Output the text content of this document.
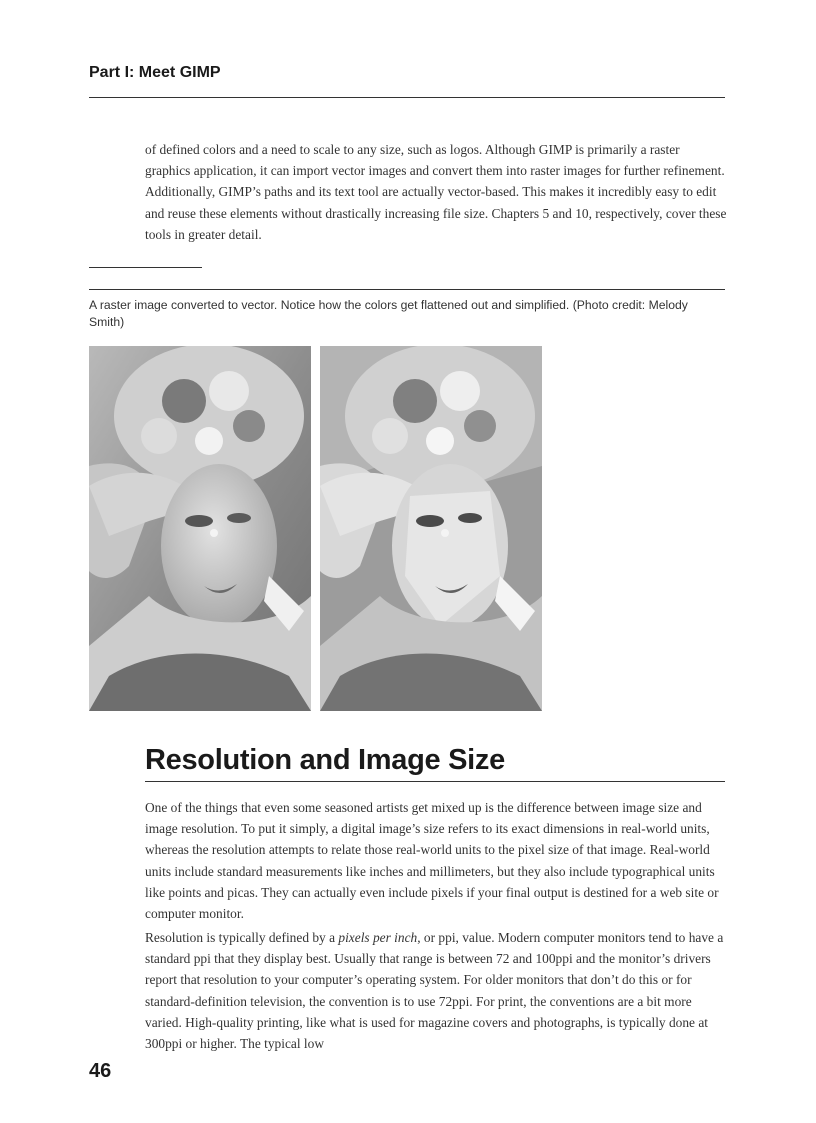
Part I: Meet GIMP

of defined colors and a need to scale to any size, such as logos. Although GIMP is primarily a raster graphics application, it can import vector images and convert them into raster images for further refinement. Additionally, GIMP’s paths and its text tool are actually vector-based. This makes it incredibly easy to edit and reuse these elements without drastically increasing file size. Chapters 5 and 10, respectively, cover these tools in greater detail.

A raster image converted to vector. Notice how the colors get flattened out and simplified. (Photo credit: Melody Smith)
Resolution and Image Size

One of the things that even some seasoned artists get mixed up is the difference between image size and image resolution. To put it simply, a digital image’s size refers to its exact dimensions in real-world units, whereas the resolution attempts to relate those real-world units to the pixel size of that image. Real-world units include standard measurements like inches and millimeters, but they also include typographical units like points and picas. They can actually even include pixels if your final output is destined for a web site or computer monitor.

Resolution is typically defined by a pixels per inch, or ppi, value. Modern computer monitors tend to have a standard ppi that they display best. Usually that range is between 72 and 100ppi and the monitor’s drivers report that resolution to your computer’s operating system. For older monitors that don’t do this or for standard-definition television, the convention is to use 72ppi. For print, the conventions are a bit more varied. High-quality printing, like what is used for magazine covers and photographs, is typically done at 300ppi or higher. The typical low

46
